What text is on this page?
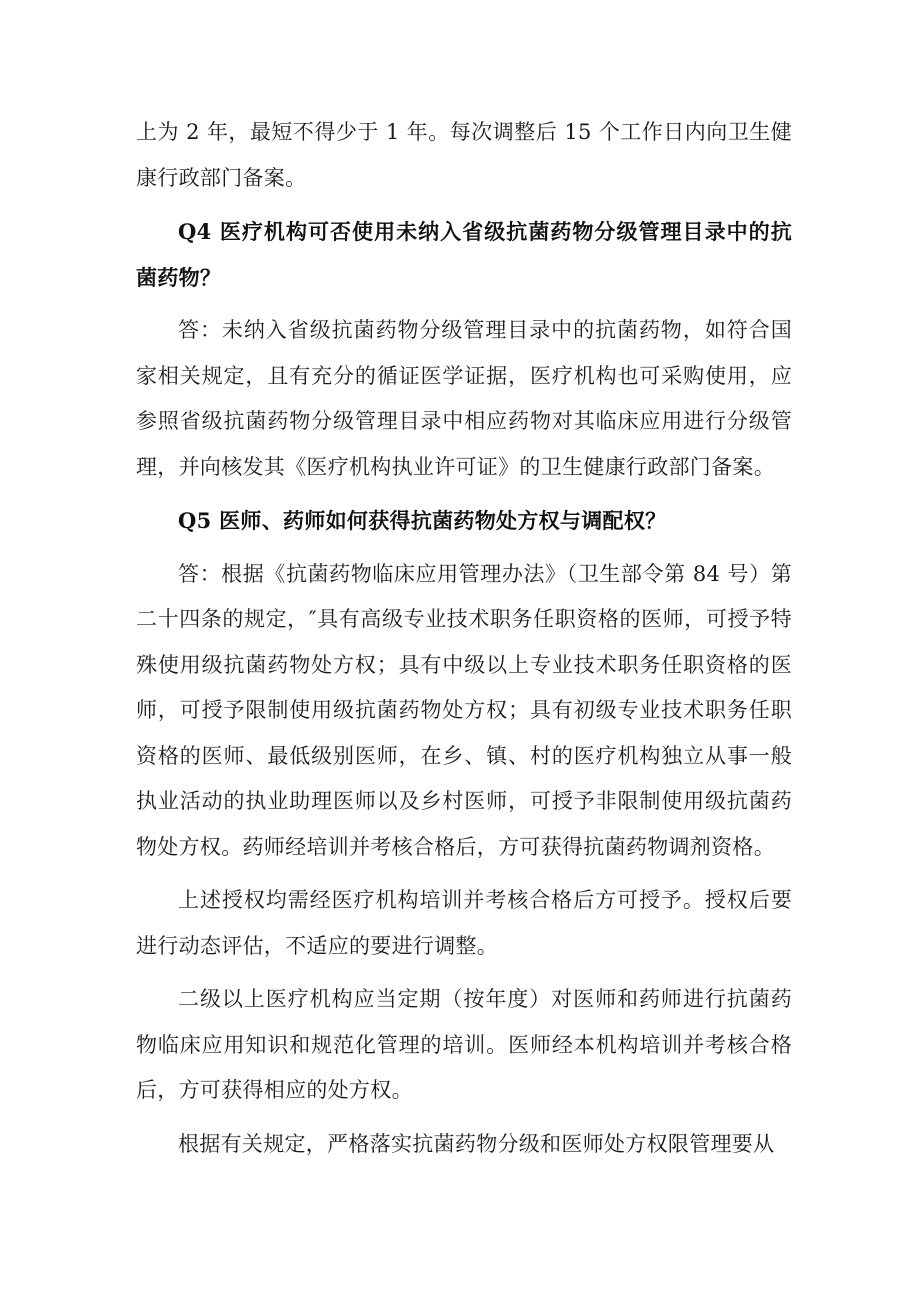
上为 2 年，最短不得少于 1 年。每次调整后 15 个工作日内向卫生健康行政部门备案。

Q4 医疗机构可否使用未纳入省级抗菌药物分级管理目录中的抗菌药物？

答：未纳入省级抗菌药物分级管理目录中的抗菌药物，如符合国家相关规定，且有充分的循证医学证据，医疗机构也可采购使用，应参照省级抗菌药物分级管理目录中相应药物对其临床应用进行分级管理，并向核发其《医疗机构执业许可证》的卫生健康行政部门备案。

Q5 医师、药师如何获得抗菌药物处方权与调配权？

答：根据《抗菌药物临床应用管理办法》（卫生部令第 84 号）第二十四条的规定，″具有高级专业技术职务任职资格的医师，可授予特殊使用级抗菌药物处方权；具有中级以上专业技术职务任职资格的医师，可授予限制使用级抗菌药物处方权；具有初级专业技术职务任职资格的医师、最低级别医师，在乡、镇、村的医疗机构独立从事一般执业活动的执业助理医师以及乡村医师，可授予非限制使用级抗菌药物处方权。药师经培训并考核合格后，方可获得抗菌药物调剂资格。

上述授权均需经医疗机构培训并考核合格后方可授予。授权后要进行动态评估，不适应的要进行调整。

二级以上医疗机构应当定期（按年度）对医师和药师进行抗菌药物临床应用知识和规范化管理的培训。医师经本机构培训并考核合格后，方可获得相应的处方权。

根据有关规定，严格落实抗菌药物分级和医师处方权限管理要从
